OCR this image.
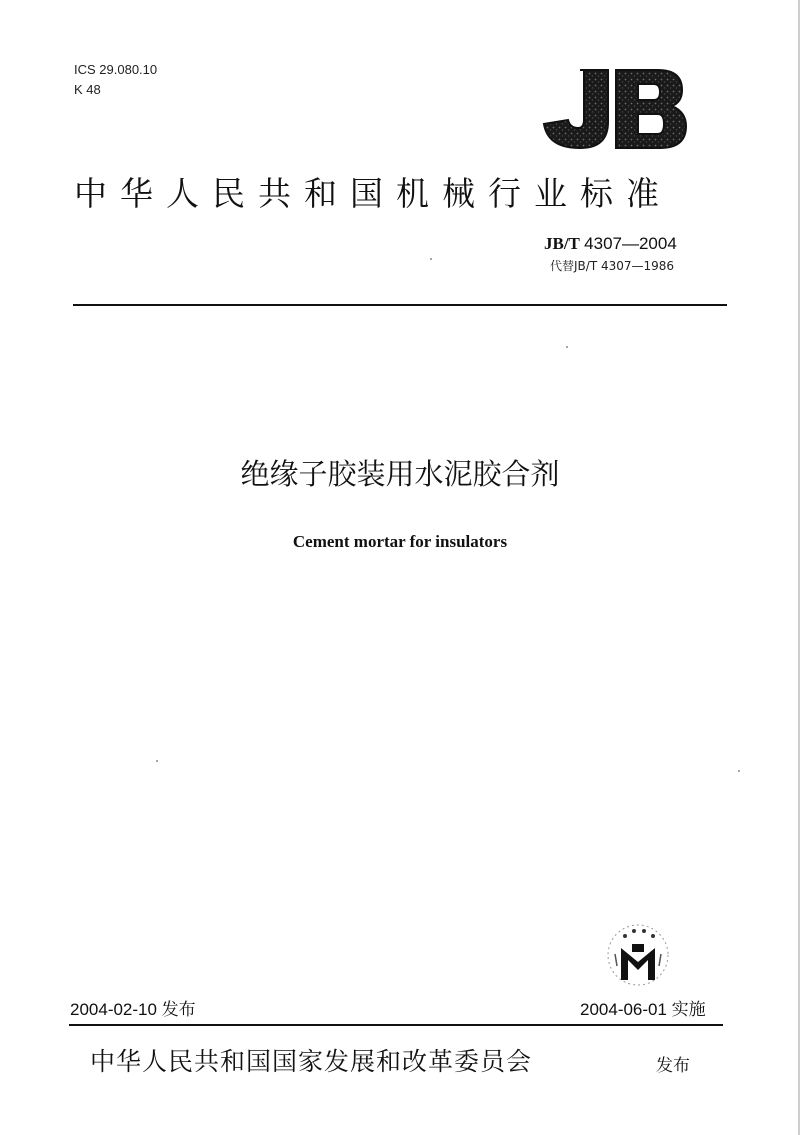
ICS 29.080.10
K 48
中华人民共和国机械行业标准
JB/T 4307—2004
代替JB/T 4307—1986
绝缘子胶装用水泥胶合剂
Cement mortar for insulators
2004-02-10 发布	2004-06-01 实施
中华人民共和国国家发展和改革委员会	发布
